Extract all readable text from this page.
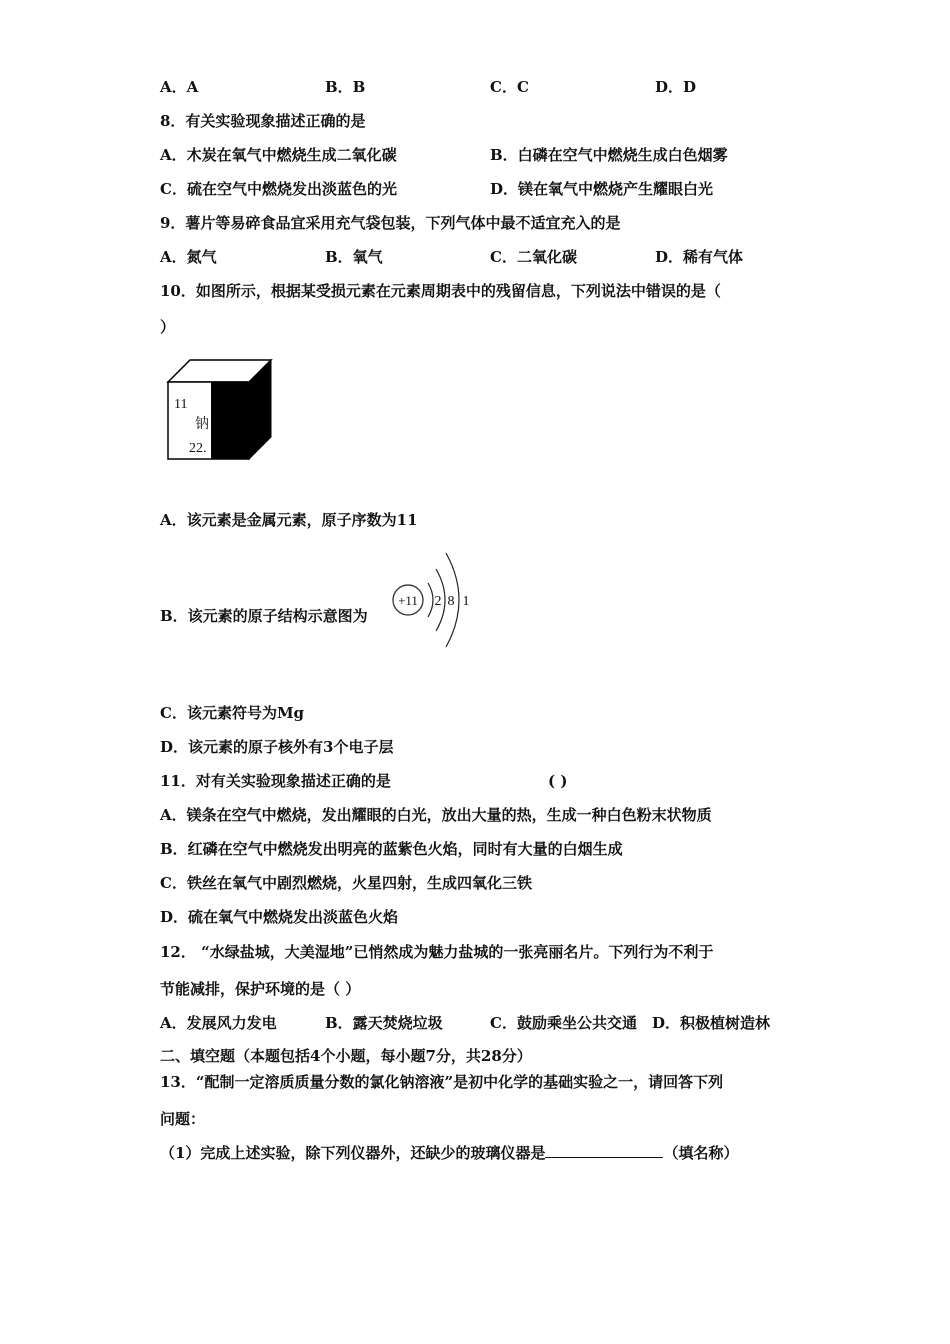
A．A	B．B	C．C	D．D
8．有关实验现象描述正确的是
A．木炭在氧气中燃烧生成二氧化碳	B．白磷在空气中燃烧生成白色烟雾
C．硫在空气中燃烧发出淡蓝色的光	D．镁在氧气中燃烧产生耀眼白光
9．薯片等易碎食品宜采用充气袋包装，下列气体中最不适宜充入的是
A．氮气	B．氧气	C．二氧化碳	D．稀有气体
10．如图所示，根据某受损元素在元素周期表中的残留信息，下列说法中错误的是（
）
11
钠
22.
A．该元素是金属元素，原子序数为11
B．该元素的原子结构示意图为
+11 2 8 1
C．该元素符号为Mg
D．该元素的原子核外有3个电子层
11．对有关实验现象描述正确的是	( )
A．镁条在空气中燃烧，发出耀眼的白光，放出大量的热，生成一种白色粉末状物质
B．红磷在空气中燃烧发出明亮的蓝紫色火焰，同时有大量的白烟生成
C．铁丝在氧气中剧烈燃烧，火星四射，生成四氧化三铁
D．硫在氧气中燃烧发出淡蓝色火焰
12． “水绿盐城，大美湿地”已悄然成为魅力盐城的一张亮丽名片。下列行为不利于
节能减排，保护环境的是（ ）
A．发展风力发电	B．露天焚烧垃圾	C．鼓励乘坐公共交通 D．积极植树造林
二、填空题（本题包括4个小题，每小题7分，共28分）
13．“配制一定溶质质量分数的氯化钠溶液”是初中化学的基础实验之一，请回答下列
问题：
（1）完成上述实验，除下列仪器外，还缺少的玻璃仪器是	（填名称）
